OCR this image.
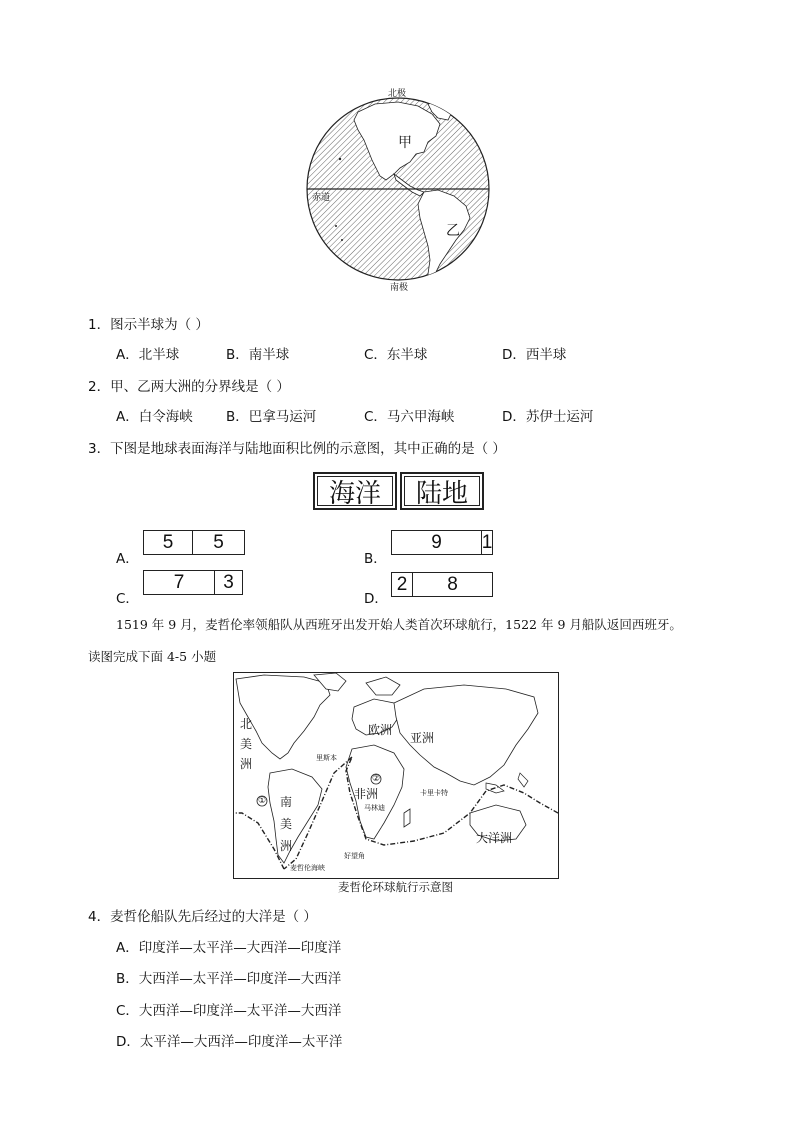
北极
南极
赤道
甲
乙
1．图示半球为（ ）
A．北半球	B．南半球	C．东半球	D．西半球
2．甲、乙两大洲的分界线是（ ）
A．白令海峡 B．巴拿马运河	C．马六甲海峡	D．苏伊士运河
3．下图是地球表面海洋与陆地面积比例的示意图，其中正确的是（ ）
海洋 陆地
A．
5	5
B．
9	1
C．
7	3
D．
2	8
1519 年 9 月，麦哲伦率领船队从西班牙出发开始人类首次环球航行，1522 年 9 月船队返回西班牙。
读图完成下面 4-5 小题
北
美
洲
南
美
洲
欧洲
亚洲
非洲
大洋洲
里斯本
麦哲伦海峡
好望角
马林迪
卡里卡特
①
②
麦哲伦环球航行示意图
4．麦哲伦船队先后经过的大洋是（ ）
A．印度洋—太平洋—大西洋—印度洋
B．大西洋—太平洋—印度洋—大西洋
C．大西洋—印度洋—太平洋—大西洋
D．太平洋—大西洋—印度洋—太平洋
